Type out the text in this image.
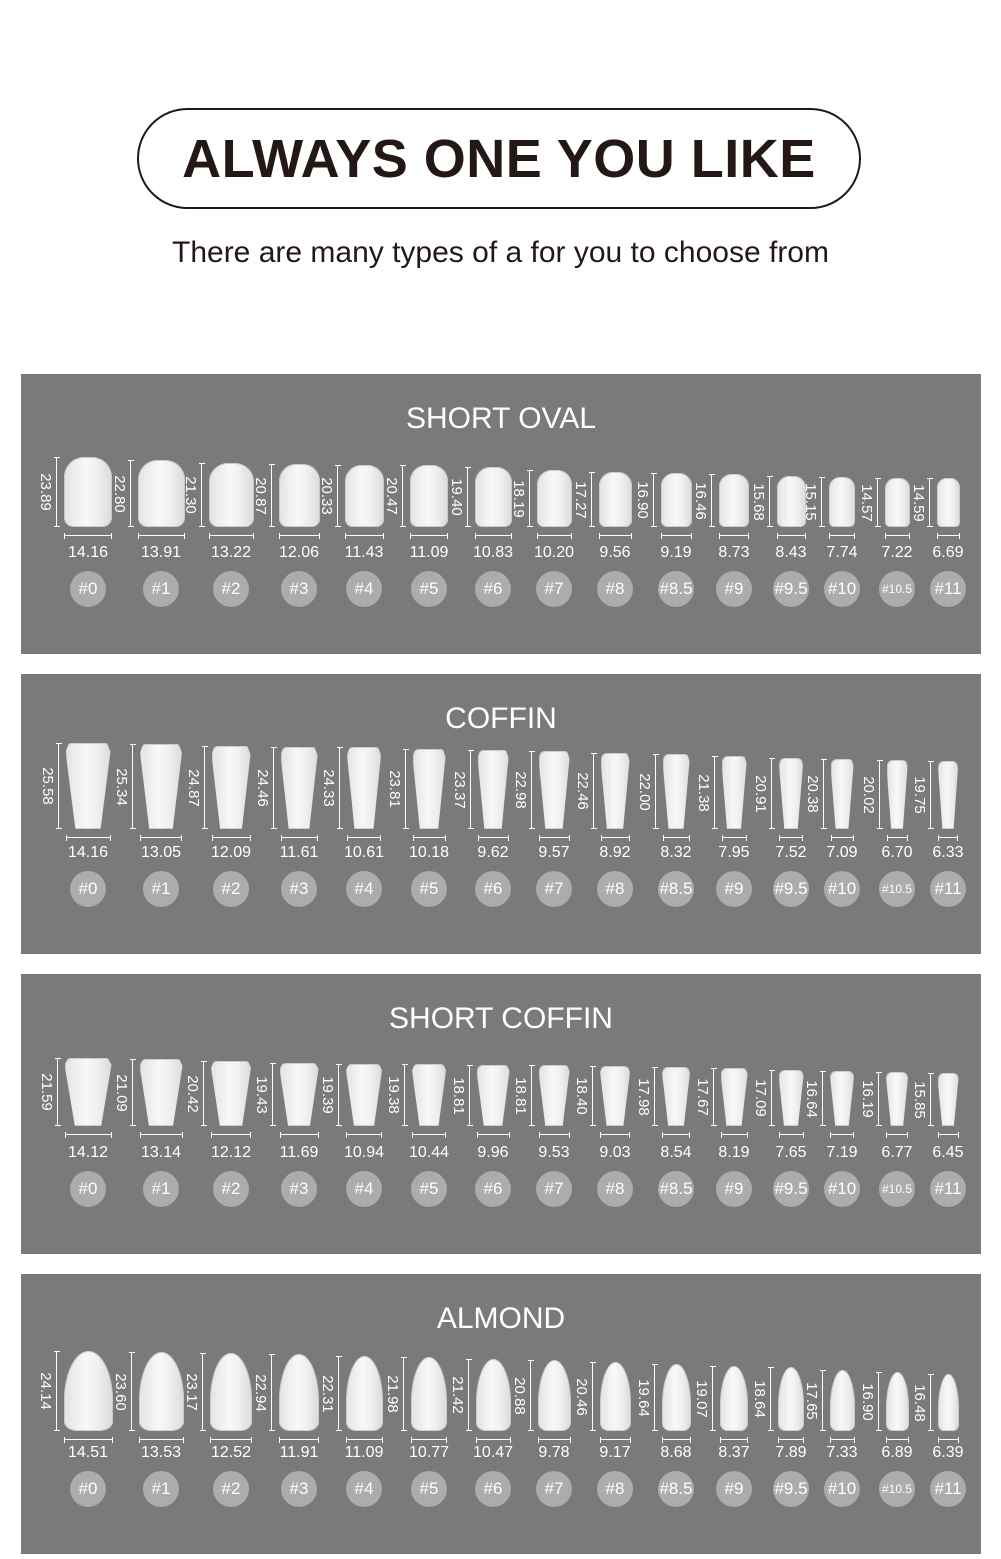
ALWAYS ONE YOU LIKE
There are many types of a for you to choose from
SHORT OVAL
23.89
14.16
#0
22.80
13.91
#1
21.30
13.22
#2
20.87
12.06
#3
20.33
11.43
#4
20.47
11.09
#5
19.40
10.83
#6
18.19
10.20
#7
17.27
9.56
#8
16.90
9.19
#8.5
16.46
8.73
#9
15.68
8.43
#9.5
15.15
7.74
#10
14.57
7.22
#10.5
14.59
6.69
#11
COFFIN
25.58
14.16
#0
25.34
13.05
#1
24.87
12.09
#2
24.46
11.61
#3
24.33
10.61
#4
23.81
10.18
#5
23.37
9.62
#6
22.98
9.57
#7
22.46
8.92
#8
22.00
8.32
#8.5
21.38
7.95
#9
20.91
7.52
#9.5
20.38
7.09
#10
20.02
6.70
#10.5
19.75
6.33
#11
SHORT COFFIN
21.59
14.12
#0
21.09
13.14
#1
20.42
12.12
#2
19.43
11.69
#3
19.39
10.94
#4
19.38
10.44
#5
18.81
9.96
#6
18.81
9.53
#7
18.40
9.03
#8
17.98
8.54
#8.5
17.67
8.19
#9
17.09
7.65
#9.5
16.64
7.19
#10
16.19
6.77
#10.5
15.85
6.45
#11
ALMOND
24.14
14.51
#0
23.60
13.53
#1
23.17
12.52
#2
22.94
11.91
#3
22.31
11.09
#4
21.98
10.77
#5
21.42
10.47
#6
20.88
9.78
#7
20.46
9.17
#8
19.64
8.68
#8.5
19.07
8.37
#9
18.64
7.89
#9.5
17.65
7.33
#10
16.90
6.89
#10.5
16.48
6.39
#11
